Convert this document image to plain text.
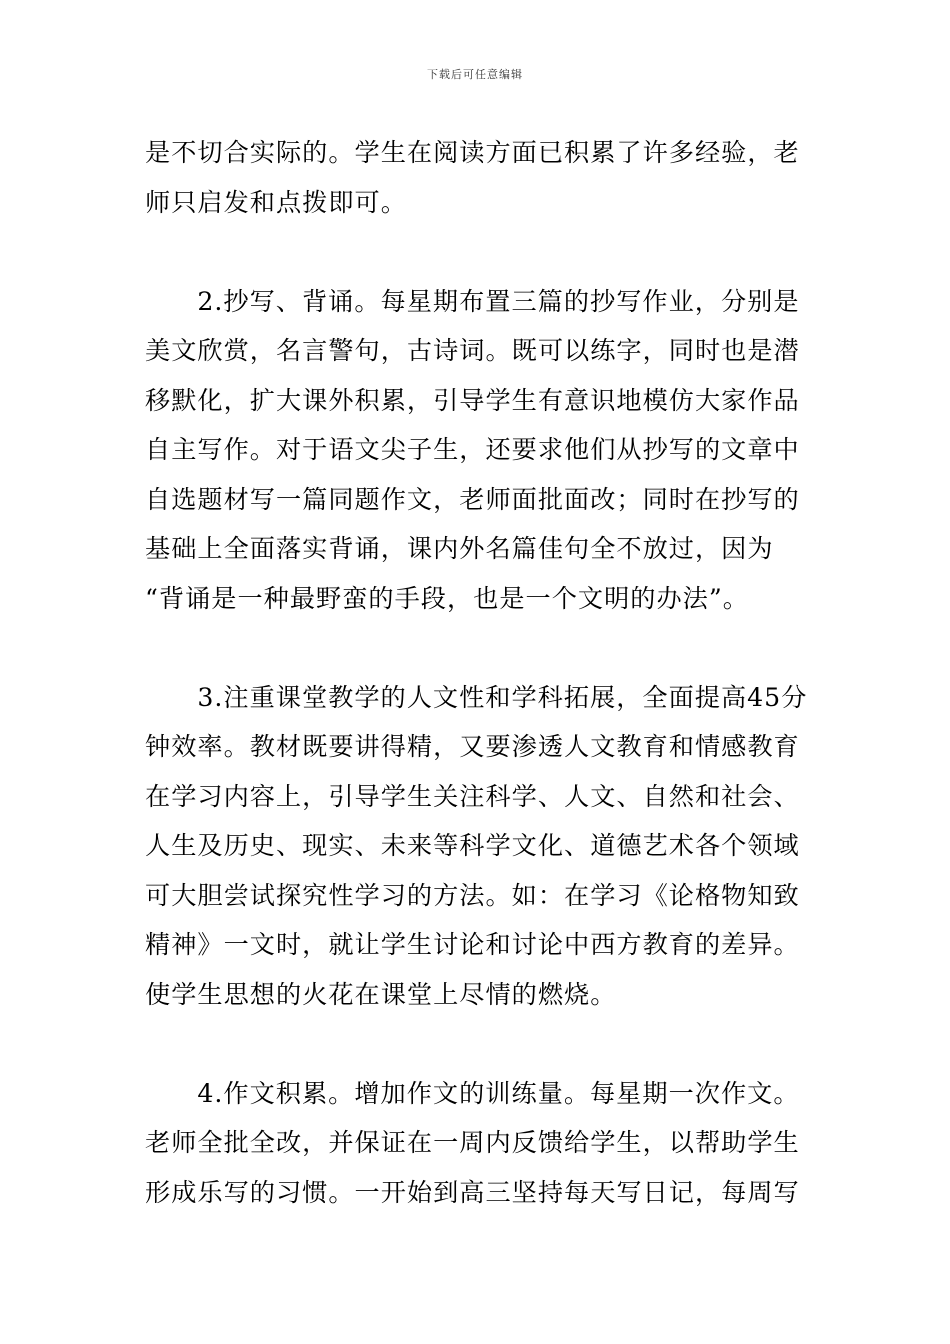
下载后可任意编辑
是不切合实际的。学生在阅读方面已积累了许多经验，老
师只启发和点拨即可。
　　2.抄写、背诵。每星期布置三篇的抄写作业，分别是
美文欣赏，名言警句，古诗词。既可以练字，同时也是潜
移默化，扩大课外积累，引导学生有意识地模仿大家作品
自主写作。对于语文尖子生，还要求他们从抄写的文章中
自选题材写一篇同题作文，老师面批面改；同时在抄写的
基础上全面落实背诵，课内外名篇佳句全不放过，因为
“背诵是一种最野蛮的手段，也是一个文明的办法”。
　　3.注重课堂教学的人文性和学科拓展，全面提高45分
钟效率。教材既要讲得精，又要渗透人文教育和情感教育
在学习内容上，引导学生关注科学、人文、自然和社会、
人生及历史、现实、未来等科学文化、道德艺术各个领域
可大胆尝试探究性学习的方法。如：在学习《论格物知致
精神》一文时，就让学生讨论和讨论中西方教育的差异。
使学生思想的火花在课堂上尽情的燃烧。
　　4.作文积累。增加作文的训练量。每星期一次作文。
老师全批全改，并保证在一周内反馈给学生，以帮助学生
形成乐写的习惯。一开始到高三坚持每天写日记，每周写
